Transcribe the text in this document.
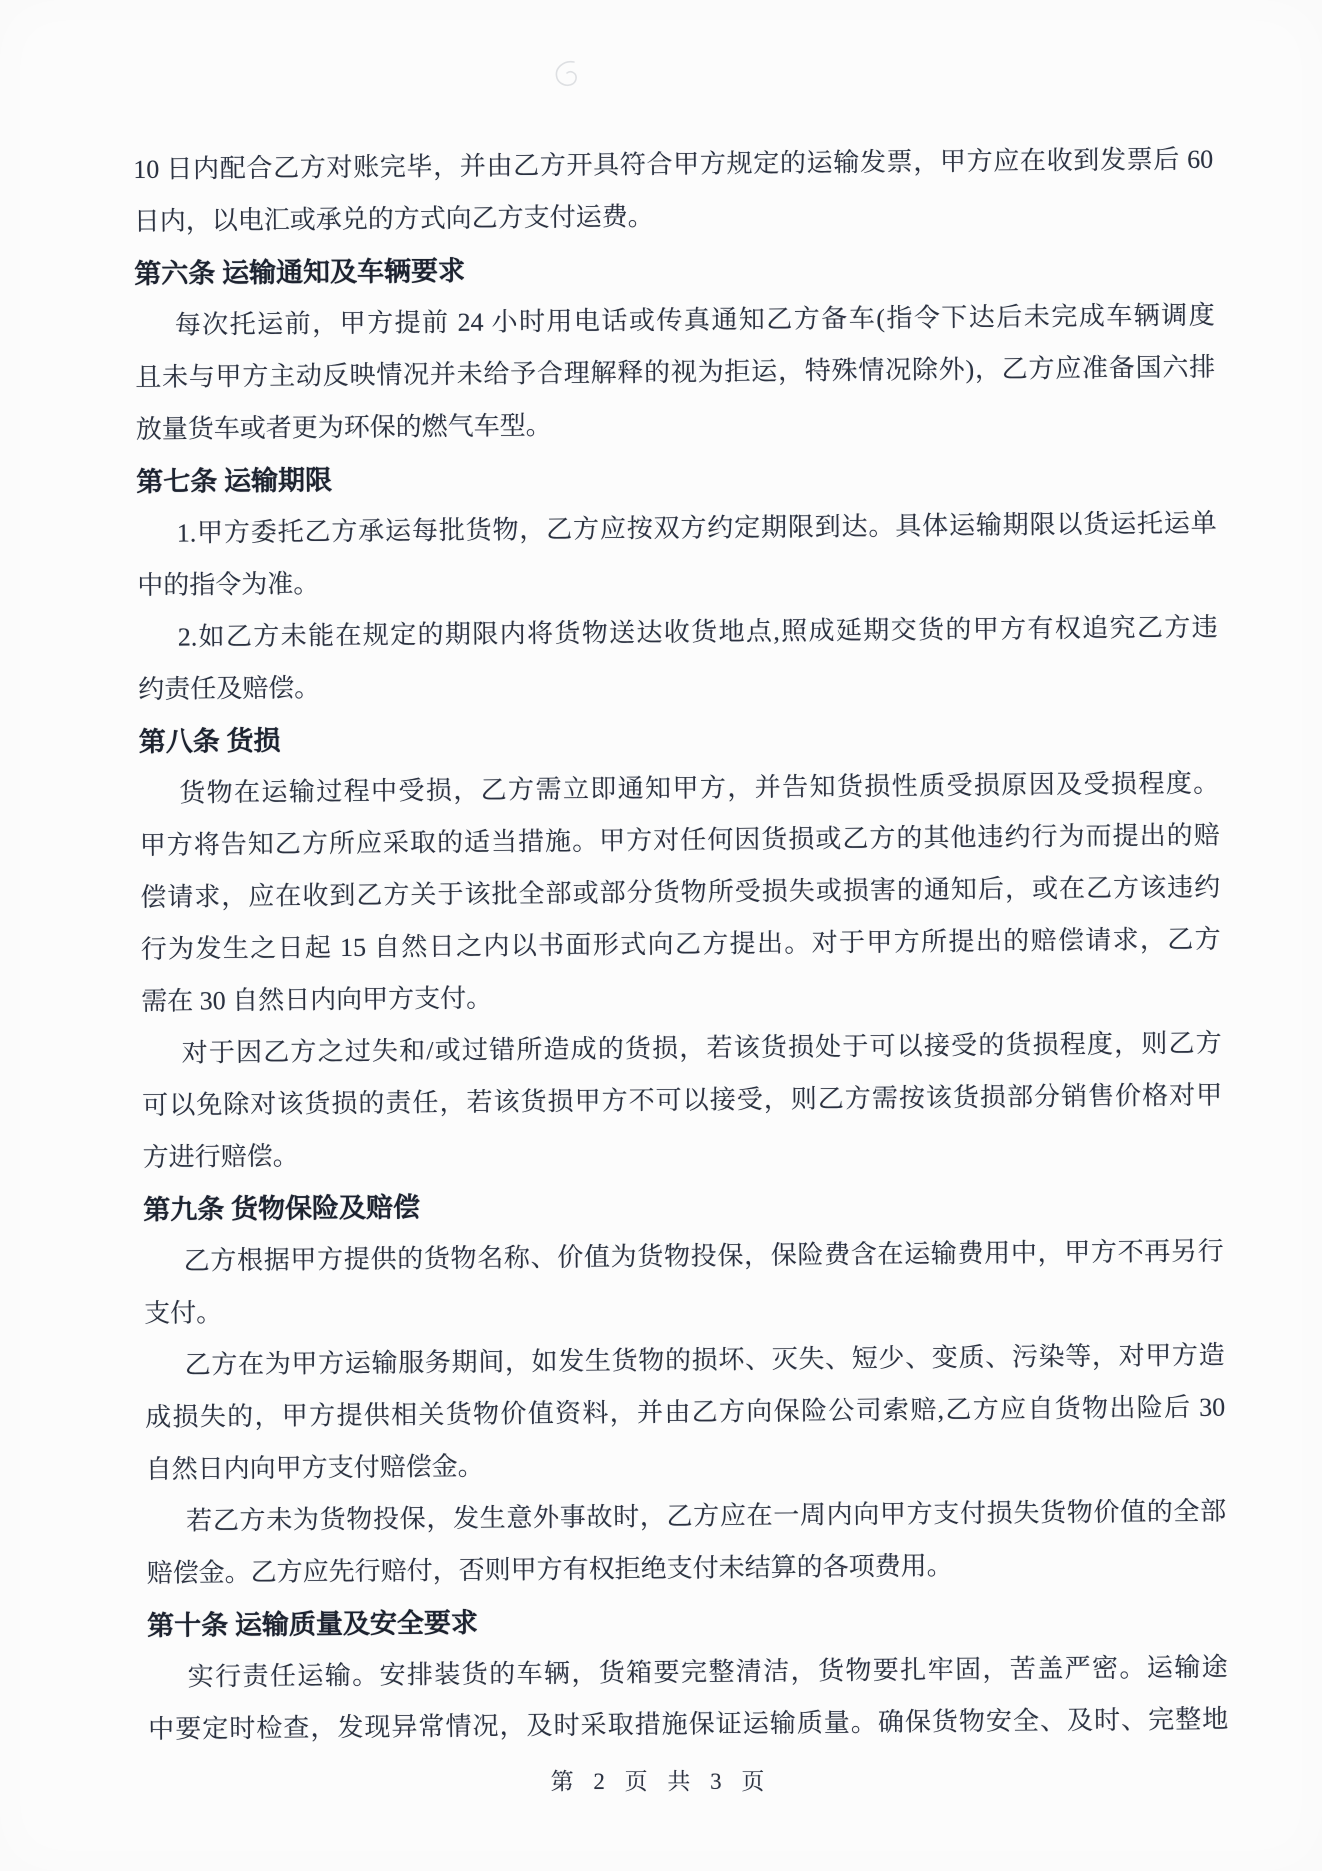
10 日内配合乙方对账完毕，并由乙方开具符合甲方规定的运输发票，甲方应在收到发票后 60
日内，以电汇或承兑的方式向乙方支付运费。
第六条 运输通知及车辆要求
每次托运前，甲方提前 24 小时用电话或传真通知乙方备车(指令下达后未完成车辆调度
且未与甲方主动反映情况并未给予合理解释的视为拒运，特殊情况除外)，乙方应准备国六排
放量货车或者更为环保的燃气车型。
第七条 运输期限
1.甲方委托乙方承运每批货物，乙方应按双方约定期限到达。具体运输期限以货运托运单
中的指令为准。
2.如乙方未能在规定的期限内将货物送达收货地点,照成延期交货的甲方有权追究乙方违
约责任及赔偿。
第八条 货损
货物在运输过程中受损，乙方需立即通知甲方，并告知货损性质受损原因及受损程度。
甲方将告知乙方所应采取的适当措施。甲方对任何因货损或乙方的其他违约行为而提出的赔
偿请求，应在收到乙方关于该批全部或部分货物所受损失或损害的通知后，或在乙方该违约
行为发生之日起 15 自然日之内以书面形式向乙方提出。对于甲方所提出的赔偿请求，乙方
需在 30 自然日内向甲方支付。
对于因乙方之过失和/或过错所造成的货损，若该货损处于可以接受的货损程度，则乙方
可以免除对该货损的责任，若该货损甲方不可以接受，则乙方需按该货损部分销售价格对甲
方进行赔偿。
第九条 货物保险及赔偿
乙方根据甲方提供的货物名称、价值为货物投保，保险费含在运输费用中，甲方不再另行
支付。
乙方在为甲方运输服务期间，如发生货物的损坏、灭失、短少、变质、污染等，对甲方造
成损失的，甲方提供相关货物价值资料，并由乙方向保险公司索赔,乙方应自货物出险后 30
自然日内向甲方支付赔偿金。
若乙方未为货物投保，发生意外事故时，乙方应在一周内向甲方支付损失货物价值的全部
赔偿金。乙方应先行赔付，否则甲方有权拒绝支付未结算的各项费用。
第十条 运输质量及安全要求
实行责任运输。安排装货的车辆，货箱要完整清洁，货物要扎牢固，苦盖严密。运输途
中要定时检查，发现异常情况，及时采取措施保证运输质量。确保货物安全、及时、完整地
第 2 页 共 3 页
